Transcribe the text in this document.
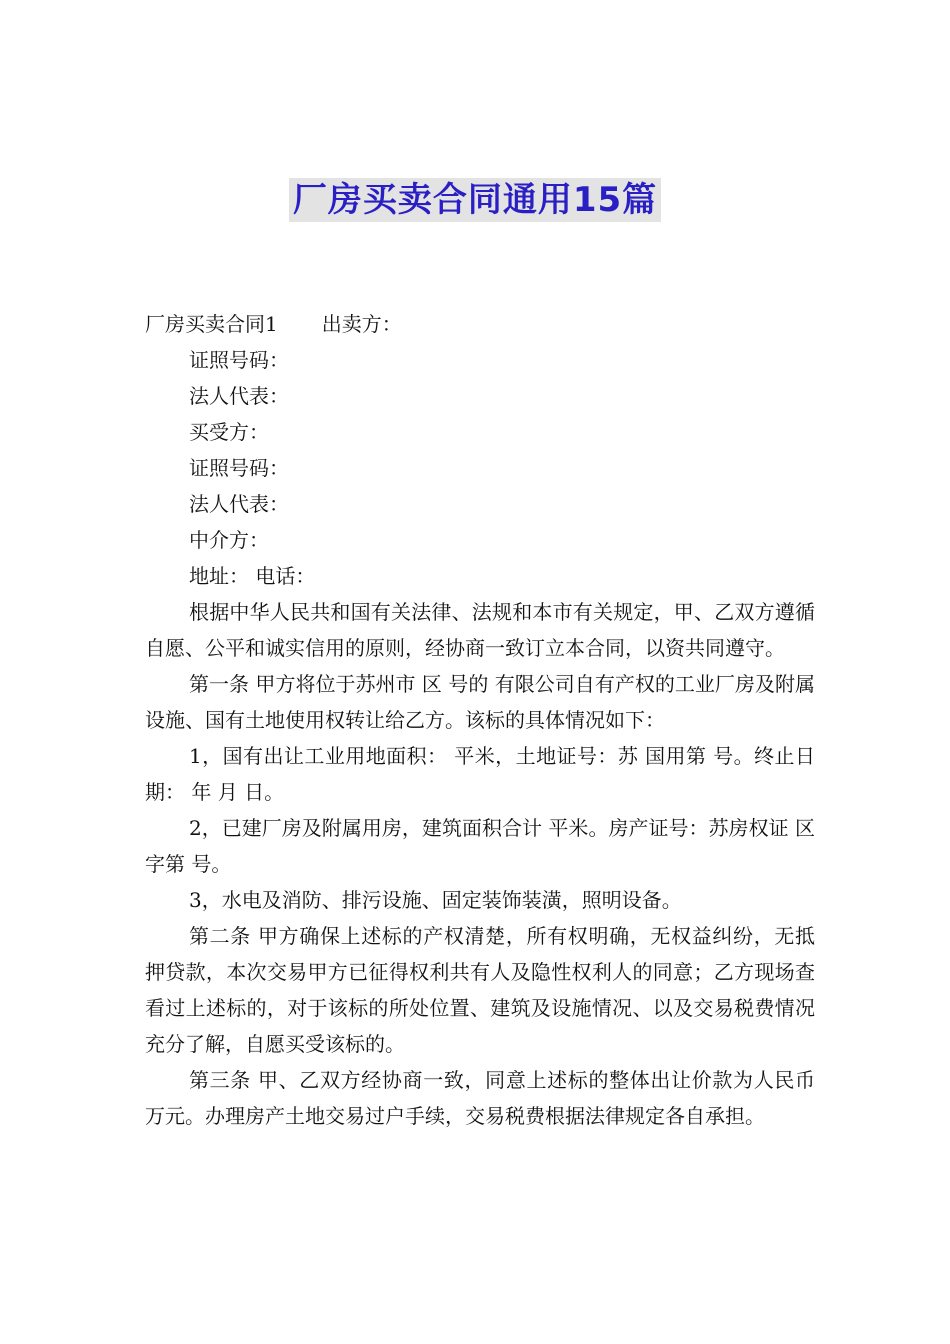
厂房买卖合同通用15篇
厂房买卖合同1 出卖方：
证照号码：
法人代表：
买受方：
证照号码：
法人代表：
中介方：
地址： 电话：
根据中华人民共和国有关法律、法规和本市有关规定，甲、乙双方遵循自愿、公平和诚实信用的原则，经协商一致订立本合同，以资共同遵守。
第一条 甲方将位于苏州市 区 号的 有限公司自有产权的工业厂房及附属设施、国有土地使用权转让给乙方。该标的具体情况如下：
1，国有出让工业用地面积： 平米，土地证号：苏 国用第 号。终止日期： 年 月 日。
2，已建厂房及附属用房，建筑面积合计 平米。房产证号：苏房权证 区字第 号。
3，水电及消防、排污设施、固定装饰装潢，照明设备。
第二条 甲方确保上述标的产权清楚，所有权明确，无权益纠纷，无抵押贷款，本次交易甲方已征得权利共有人及隐性权利人的同意；乙方现场查看过上述标的，对于该标的所处位置、建筑及设施情况、以及交易税费情况充分了解，自愿买受该标的。
第三条 甲、乙双方经协商一致，同意上述标的整体出让价款为人民币 万元。办理房产土地交易过户手续，交易税费根据法律规定各自承担。
